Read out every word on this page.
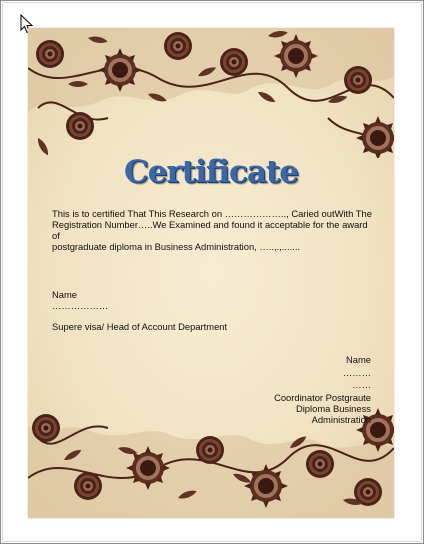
Certificate
This is to certified That This Research on ……………….., Caried outWith The
Registration Number…..We Examined and found it acceptable for the award of
postgraduate diploma in Business Administration, …..,.,.......
Name
………………
Supere visa/ Head of Account Department
Name
………
……
Coordinator Postgraute
Diploma Business
Administration
